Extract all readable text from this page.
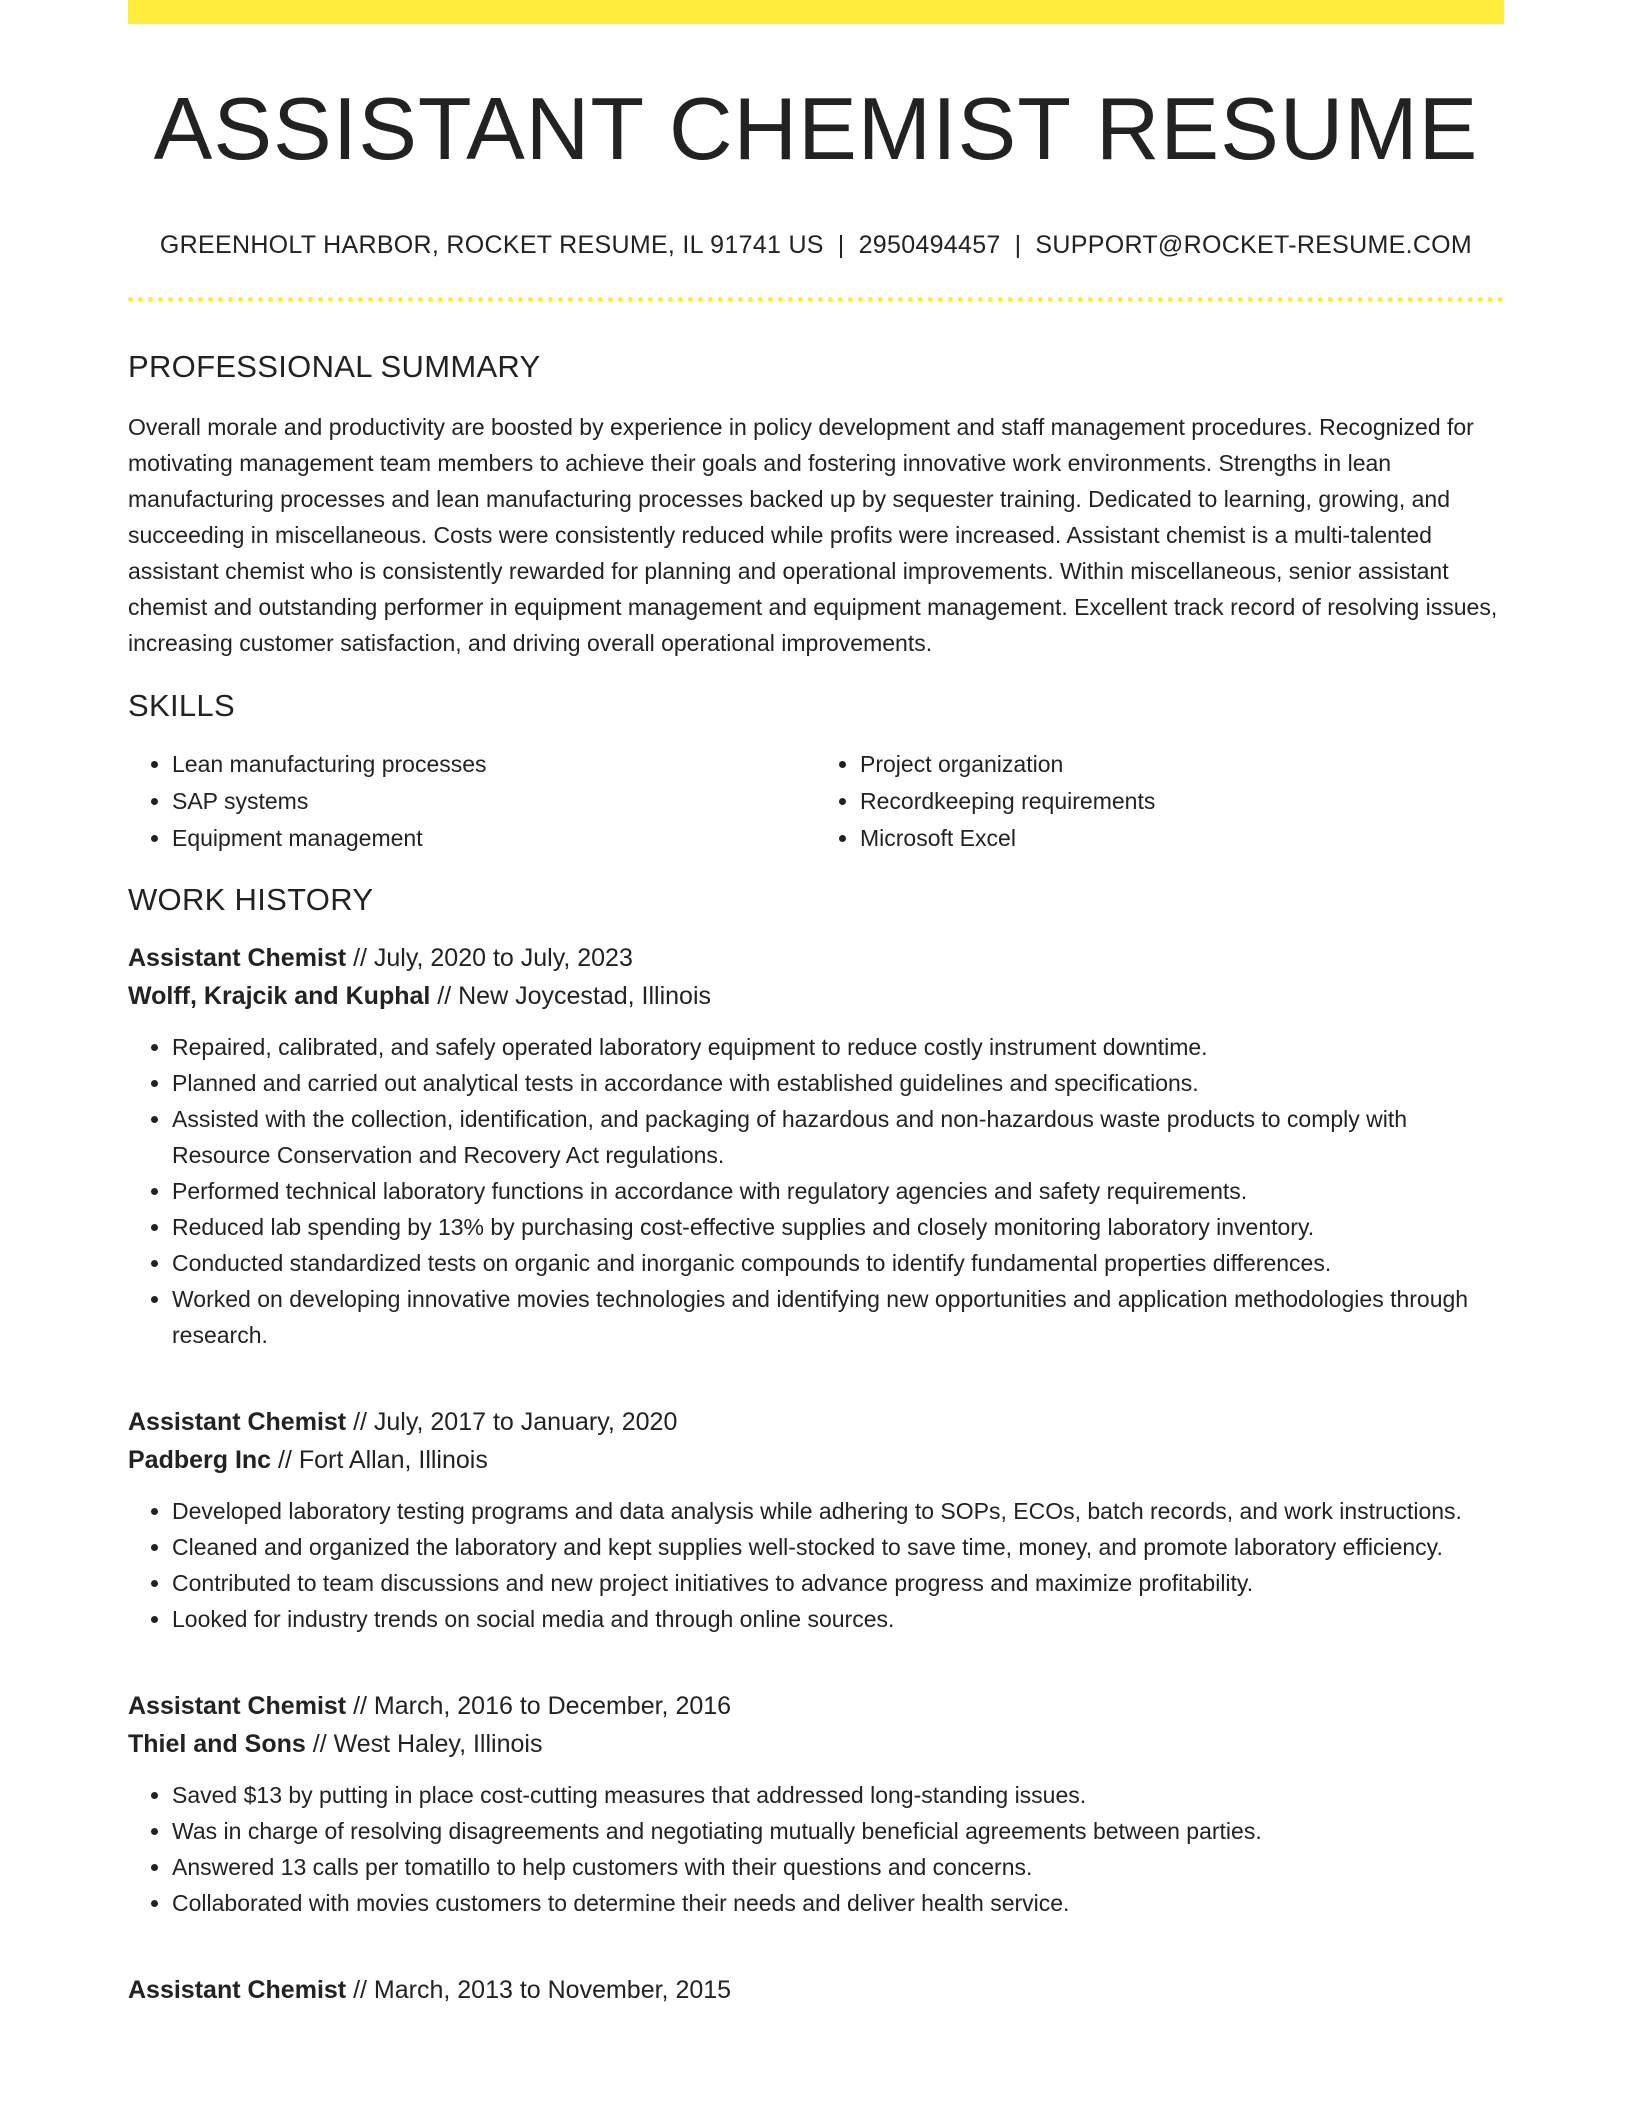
ASSISTANT CHEMIST RESUME
GREENHOLT HARBOR, ROCKET RESUME, IL 91741 US | 2950494457 | SUPPORT@ROCKET-RESUME.COM
PROFESSIONAL SUMMARY
Overall morale and productivity are boosted by experience in policy development and staff management procedures. Recognized for motivating management team members to achieve their goals and fostering innovative work environments. Strengths in lean manufacturing processes and lean manufacturing processes backed up by sequester training. Dedicated to learning, growing, and succeeding in miscellaneous. Costs were consistently reduced while profits were increased. Assistant chemist is a multi-talented assistant chemist who is consistently rewarded for planning and operational improvements. Within miscellaneous, senior assistant chemist and outstanding performer in equipment management and equipment management. Excellent track record of resolving issues, increasing customer satisfaction, and driving overall operational improvements.
SKILLS
• Lean manufacturing processes
• SAP systems
• Equipment management
• Project organization
• Recordkeeping requirements
• Microsoft Excel
WORK HISTORY
Assistant Chemist // July, 2020 to July, 2023
Wolff, Krajcik and Kuphal // New Joycestad, Illinois
• Repaired, calibrated, and safely operated laboratory equipment to reduce costly instrument downtime.
• Planned and carried out analytical tests in accordance with established guidelines and specifications.
• Assisted with the collection, identification, and packaging of hazardous and non-hazardous waste products to comply with Resource Conservation and Recovery Act regulations.
• Performed technical laboratory functions in accordance with regulatory agencies and safety requirements.
• Reduced lab spending by 13% by purchasing cost-effective supplies and closely monitoring laboratory inventory.
• Conducted standardized tests on organic and inorganic compounds to identify fundamental properties differences.
• Worked on developing innovative movies technologies and identifying new opportunities and application methodologies through research.
Assistant Chemist // July, 2017 to January, 2020
Padberg Inc // Fort Allan, Illinois
• Developed laboratory testing programs and data analysis while adhering to SOPs, ECOs, batch records, and work instructions.
• Cleaned and organized the laboratory and kept supplies well-stocked to save time, money, and promote laboratory efficiency.
• Contributed to team discussions and new project initiatives to advance progress and maximize profitability.
• Looked for industry trends on social media and through online sources.
Assistant Chemist // March, 2016 to December, 2016
Thiel and Sons // West Haley, Illinois
• Saved $13 by putting in place cost-cutting measures that addressed long-standing issues.
• Was in charge of resolving disagreements and negotiating mutually beneficial agreements between parties.
• Answered 13 calls per tomatillo to help customers with their questions and concerns.
• Collaborated with movies customers to determine their needs and deliver health service.
Assistant Chemist // March, 2013 to November, 2015
